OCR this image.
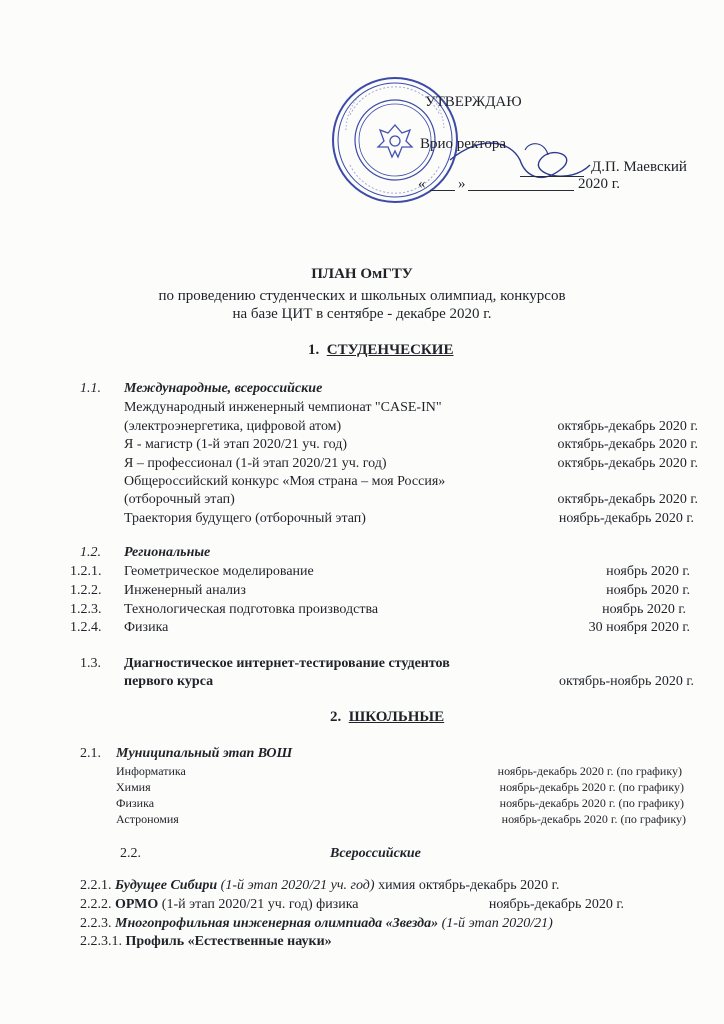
УТВЕРЖДАЮ
Врио ректора
Д.П. Маевский
« »	2020 г.
ПЛАН ОмГТУ
по проведению студенческих и школьных олимпиад, конкурсов
на базе ЦИТ в сентябре - декабре 2020 г.
1. СТУДЕНЧЕСКИЕ
1.1. Международные, всероссийские
Международный инженерный чемпионат "CASE-IN"
(электроэнергетика, цифровой атом)	октябрь-декабрь 2020 г.
Я - магистр (1-й этап 2020/21 уч. год)	октябрь-декабрь 2020 г.
Я – профессионал (1-й этап 2020/21 уч. год)	октябрь-декабрь 2020 г.
Общероссийский конкурс «Моя страна – моя Россия»
(отборочный этап)	октябрь-декабрь 2020 г.
Траектория будущего (отборочный этап)	ноябрь-декабрь 2020 г.
1.2. Региональные
1.2.1. Геометрическое моделирование	ноябрь 2020 г.
1.2.2. Инженерный анализ	ноябрь 2020 г.
1.2.3. Технологическая подготовка производства	ноябрь 2020 г.
1.2.4. Физика	30 ноября 2020 г.
1.3. Диагностическое интернет-тестирование студентов
первого курса	октябрь-ноябрь 2020 г.
2. ШКОЛЬНЫЕ
2.1. Муниципальный этап ВОШ
Информатика	ноябрь-декабрь 2020 г. (по графику)
Химия	ноябрь-декабрь 2020 г. (по графику)
Физика	ноябрь-декабрь 2020 г. (по графику)
Астрономия	ноябрь-декабрь 2020 г. (по графику)
2.2.	Всероссийские
2.2.1. Будущее Сибири (1-й этап 2020/21 уч. год) химия октябрь-декабрь 2020 г.
2.2.2. ОРМО (1-й этап 2020/21 уч. год) физика	ноябрь-декабрь 2020 г.
2.2.3. Многопрофильная инженерная олимпиада «Звезда» (1-й этап 2020/21)
2.2.3.1. Профиль «Естественные науки»
